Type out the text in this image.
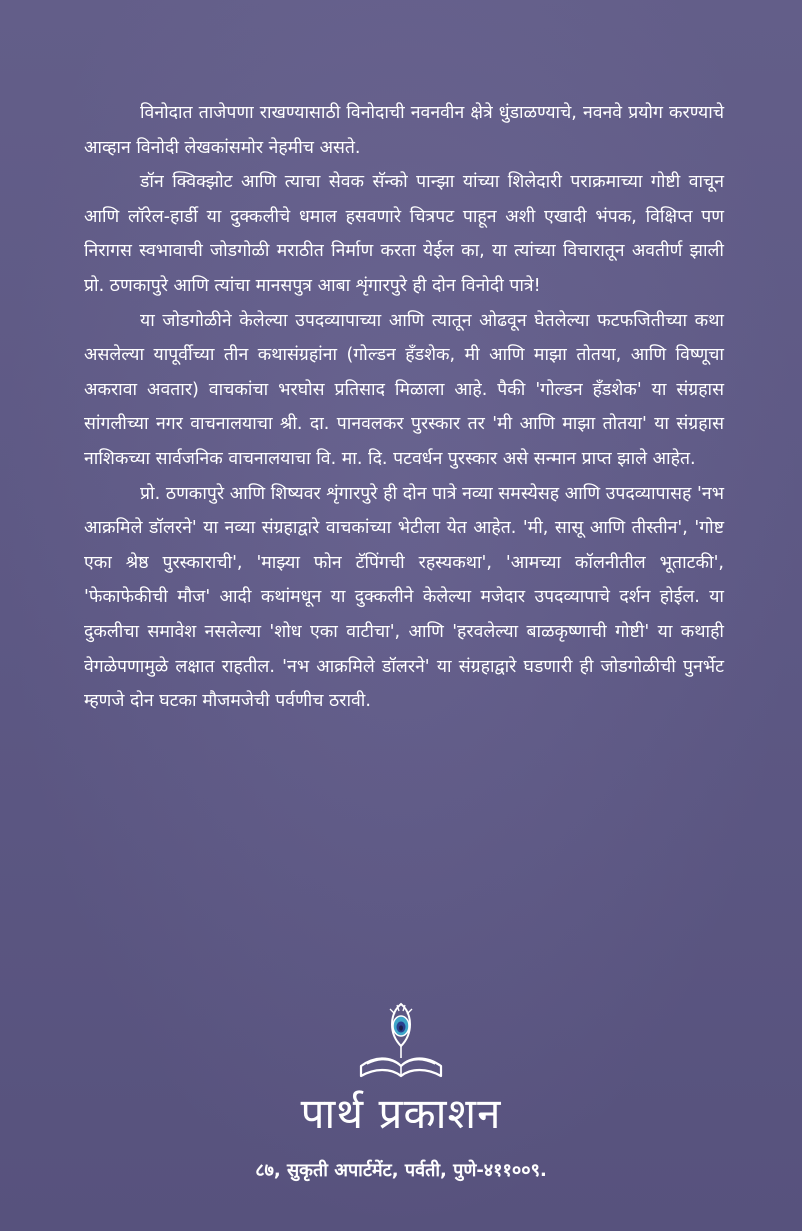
विनोदात ताजेपणा राखण्यासाठी विनोदाची नवनवीन क्षेत्रे धुंडाळण्याचे, नवनवे प्रयोग करण्याचे आव्हान विनोदी लेखकांसमोर नेहमीच असते.

डॉन क्विक्झोट आणि त्याचा सेवक सॅन्को पान्झा यांच्या शिलेदारी पराक्रमाच्या गोष्टी वाचून आणि लॉरेल-हार्डी या दुक्कलीचे धमाल हसवणारे चित्रपट पाहून अशी एखादी भंपक, विक्षिप्त पण निरागस स्वभावाची जोडगोळी मराठीत निर्माण करता येईल का, या त्यांच्या विचारातून अवतीर्ण झाली प्रो. ठणकापुरे आणि त्यांचा मानसपुत्र आबा शृंगारपुरे ही दोन विनोदी पात्रे!

या जोडगोळीने केलेल्या उपदव्यापाच्या आणि त्यातून ओढवून घेतलेल्या फटफजितीच्या कथा असलेल्या यापूर्वीच्या तीन कथासंग्रहांना (गोल्डन हँडशेक, मी आणि माझा तोतया, आणि विष्णूचा अकरावा अवतार) वाचकांचा भरघोस प्रतिसाद मिळाला आहे. पैकी 'गोल्डन हँडशेक' या संग्रहास सांगलीच्या नगर वाचनालयाचा श्री. दा. पानवलकर पुरस्कार तर 'मी आणि माझा तोतया' या संग्रहास नाशिकच्या सार्वजनिक वाचनालयाचा वि. मा. दि. पटवर्धन पुरस्कार असे सन्मान प्राप्त झाले आहेत.

प्रो. ठणकापुरे आणि शिष्यवर शृंगारपुरे ही दोन पात्रे नव्या समस्येसह आणि उपदव्यापासह 'नभ आक्रमिले डॉलरने' या नव्या संग्रहाद्वारे वाचकांच्या भेटीला येत आहेत. 'मी, सासू आणि तीस्तीन', 'गोष्ट एका श्रेष्ठ पुरस्काराची', 'माझ्या फोन टॅपिंगची रहस्यकथा', 'आमच्या कॉलनीतील भूताटकी', 'फेकाफेकीची मौज' आदी कथांमधून या दुक्कलीने केलेल्या मजेदार उपदव्यापाचे दर्शन होईल. या दुकलीचा समावेश नसलेल्या 'शोध एका वाटीचा', आणि 'हरवलेल्या बाळकृष्णाची गोष्टी' या कथाही वेगळेपणामुळे लक्षात राहतील. 'नभ आक्रमिले डॉलरने' या संग्रहाद्वारे घडणारी ही जोडगोळीची पुनर्भेट म्हणजे दोन घटका मौजमजेची पर्वणीच ठरावी.

पार्थ प्रकाशन
८७, सुकृती अपार्टमेंट, पर्वती, पुणे-४११००९.
